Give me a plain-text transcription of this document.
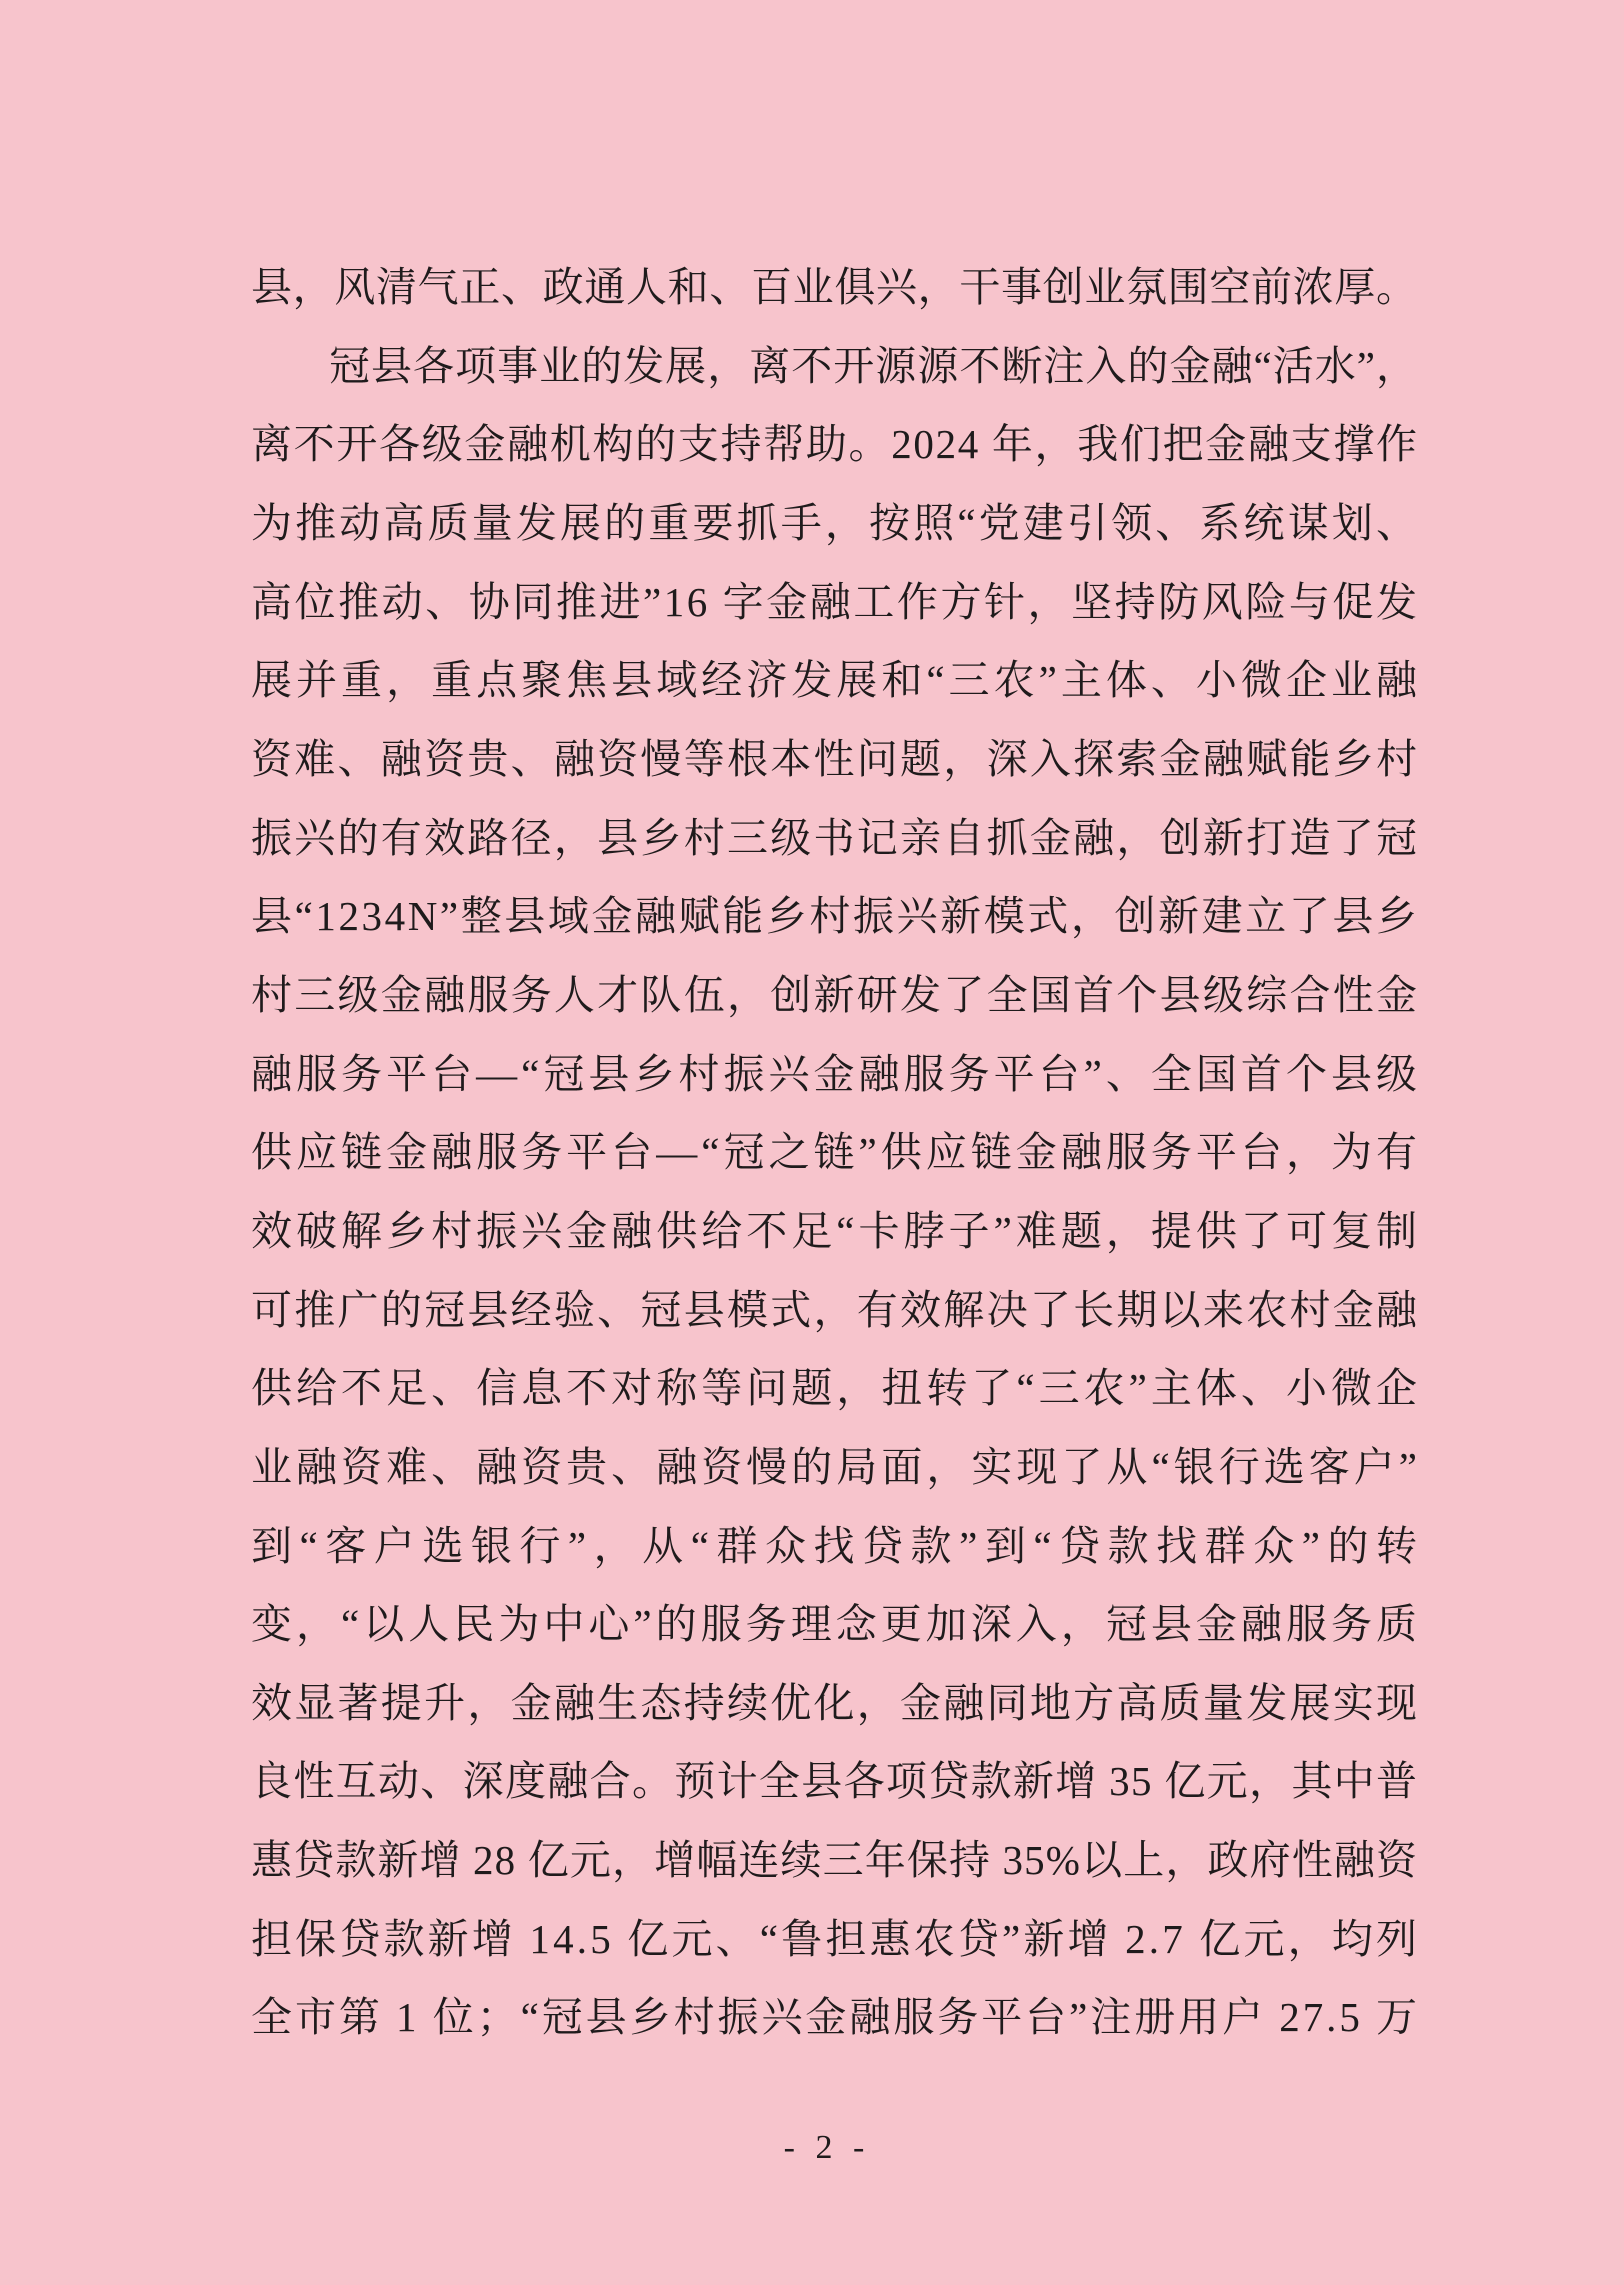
县，风清气正、政通人和、百业俱兴，干事创业氛围空前浓厚。
冠县各项事业的发展，离不开源源不断注入的金融“活水”，
离不开各级金融机构的支持帮助。2024 年，我们把金融支撑作
为推动高质量发展的重要抓手，按照“党建引领、系统谋划、
高位推动、协同推进”16 字金融工作方针，坚持防风险与促发
展并重，重点聚焦县域经济发展和“三农”主体、小微企业融
资难、融资贵、融资慢等根本性问题，深入探索金融赋能乡村
振兴的有效路径，县乡村三级书记亲自抓金融，创新打造了冠
县“1234N”整县域金融赋能乡村振兴新模式，创新建立了县乡
村三级金融服务人才队伍，创新研发了全国首个县级综合性金
融服务平台—“冠县乡村振兴金融服务平台”、全国首个县级
供应链金融服务平台—“冠之链”供应链金融服务平台，为有
效破解乡村振兴金融供给不足“卡脖子”难题，提供了可复制
可推广的冠县经验、冠县模式，有效解决了长期以来农村金融
供给不足、信息不对称等问题，扭转了“三农”主体、小微企
业融资难、融资贵、融资慢的局面，实现了从“银行选客户”
到“客户选银行”，从“群众找贷款”到“贷款找群众”的转
变，“以人民为中心”的服务理念更加深入，冠县金融服务质
效显著提升，金融生态持续优化，金融同地方高质量发展实现
良性互动、深度融合。预计全县各项贷款新增 35 亿元，其中普
惠贷款新增 28 亿元，增幅连续三年保持 35%以上，政府性融资
担保贷款新增 14.5 亿元、“鲁担惠农贷”新增 2.7 亿元，均列
全市第 1 位；“冠县乡村振兴金融服务平台”注册用户 27.5 万
- 2 -
